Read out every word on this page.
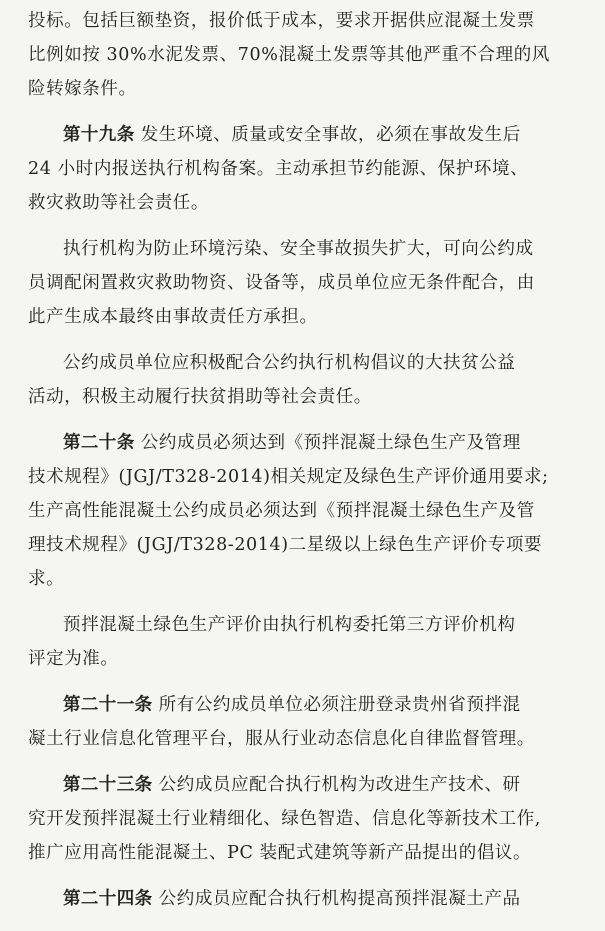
投标。包括巨额垫资，报价低于成本，要求开据供应混凝土发票
比例如按 30%水泥发票、70%混凝土发票等其他严重不合理的风
险转嫁条件。

第十九条 发生环境、质量或安全事故，必须在事故发生后
24 小时内报送执行机构备案。主动承担节约能源、保护环境、
救灾救助等社会责任。

执行机构为防止环境污染、安全事故损失扩大，可向公约成
员调配闲置救灾救助物资、设备等，成员单位应无条件配合，由
此产生成本最终由事故责任方承担。

公约成员单位应积极配合公约执行机构倡议的大扶贫公益
活动，积极主动履行扶贫捐助等社会责任。

第二十条 公约成员必须达到《预拌混凝土绿色生产及管理
技术规程》(JGJ/T328-2014)相关规定及绿色生产评价通用要求;
生产高性能混凝土公约成员必须达到《预拌混凝土绿色生产及管
理技术规程》(JGJ/T328-2014)二星级以上绿色生产评价专项要
求。

预拌混凝土绿色生产评价由执行机构委托第三方评价机构
评定为准。

第二十一条 所有公约成员单位必须注册登录贵州省预拌混
凝土行业信息化管理平台，服从行业动态信息化自律监督管理。

第二十三条 公约成员应配合执行机构为改进生产技术、研
究开发预拌混凝土行业精细化、绿色智造、信息化等新技术工作,
推广应用高性能混凝土、PC 装配式建筑等新产品提出的倡议。

第二十四条 公约成员应配合执行机构提高预拌混凝土产品
